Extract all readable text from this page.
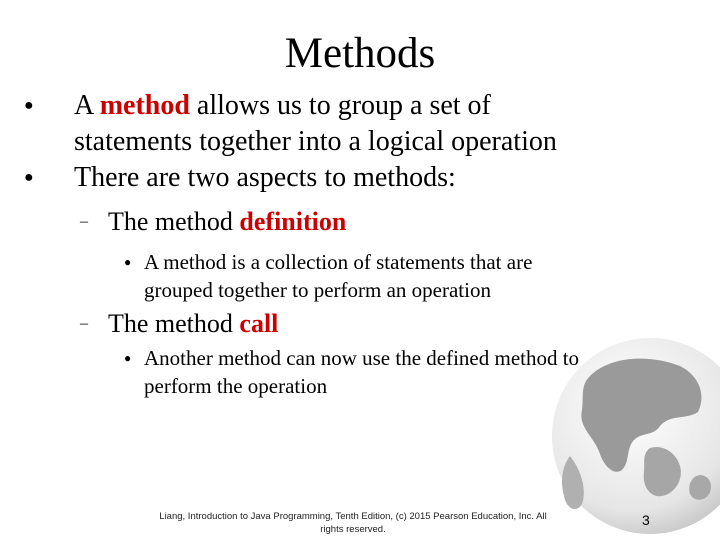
Methods
● A method allows us to group a set of
statements together into a logical operation
● There are two aspects to methods:
– The method definition
● A method is a collection of statements that are
grouped together to perform an operation
– The method call
● Another method can now use the defined method to
perform the operation
Liang, Introduction to Java Programming, Tenth Edition, (c) 2015 Pearson Education, Inc. All
rights reserved.
3
